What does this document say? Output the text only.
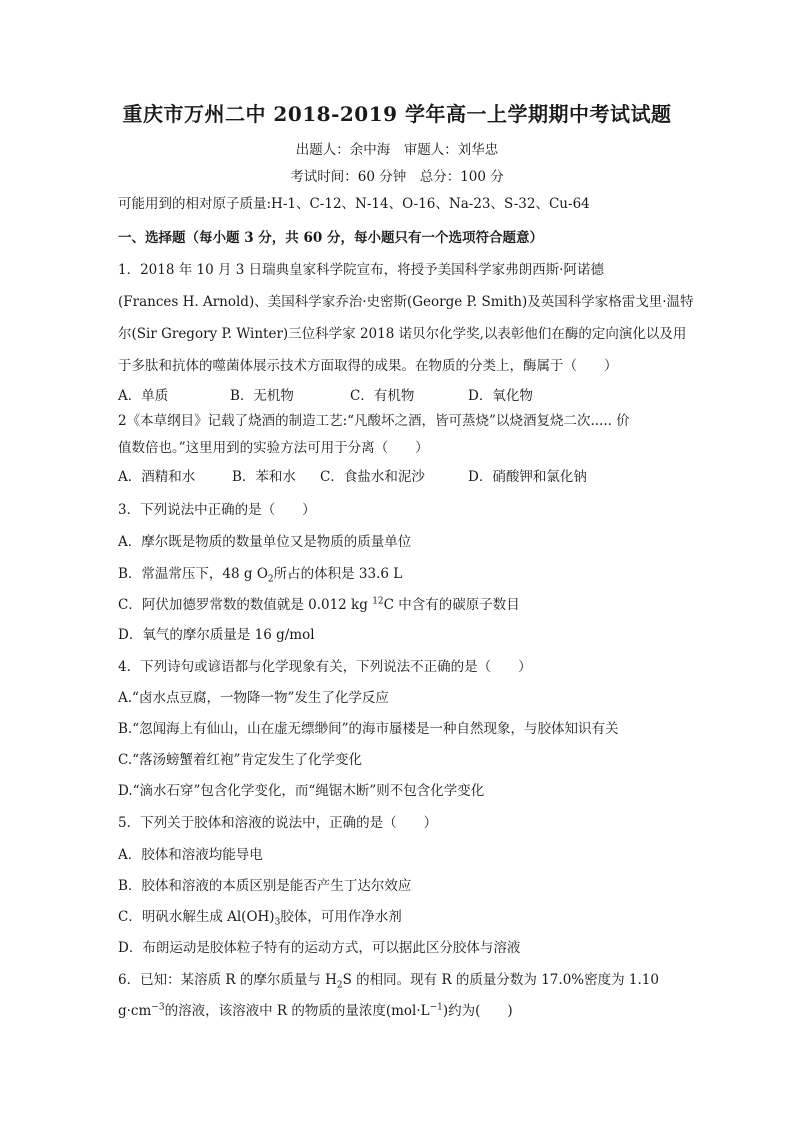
重庆市万州二中 2018-2019 学年高一上学期期中考试试题
出题人：余中海　审题人：刘华忠
考试时间：60 分钟　总分：100 分
可能用到的相对原子质量:H-1、C-12、N-14、O-16、Na-23、S-32、Cu-64
一、选择题（每小题 3 分，共 60 分，每小题只有一个选项符合题意）
1．2018 年 10 月 3 日瑞典皇家科学院宣布，将授予美国科学家弗朗西斯·阿诺德
(Frances H. Arnold)、美国科学家乔治·史密斯(George P. Smith)及英国科学家格雷戈里·温特
尔(Sir Gregory P. Winter)三位科学家 2018 诺贝尔化学奖,以表彰他们在酶的定向演化以及用
于多肽和抗体的噬菌体展示技术方面取得的成果。在物质的分类上，酶属于（　　）
A．单质	B．无机物	C．有机物	D．氧化物
2《本草纲目》记载了烧酒的制造工艺:“凡酸坏之酒，皆可蒸烧”以烧酒复烧二次..... 价
值数倍也。”这里用到的实验方法可用于分离（　　）
A．酒精和水	B．苯和水 C．食盐水和泥沙	D．硝酸钾和氯化钠
3．下列说法中正确的是（　　）
A．摩尔既是物质的数量单位又是物质的质量单位
B．常温常压下，48 g $O_2$所占的体积是 33.6 L
C．阿伏加德罗常数的数值就是 0.012 kg $^{12}$C 中含有的碳原子数目
D．氧气的摩尔质量是 16 g/mol
4．下列诗句或谚语都与化学现象有关，下列说法不正确的是（　　）
A.“卤水点豆腐，一物降一物”发生了化学反应
B.“忽闻海上有仙山，山在虚无缥缈间”的海市蜃楼是一种自然现象，与胶体知识有关
C.“落汤螃蟹着红袍”肯定发生了化学变化
D.“滴水石穿”包含化学变化，而“绳锯木断”则不包含化学变化
5．下列关于胶体和溶液的说法中，正确的是（　　）
A．胶体和溶液均能导电
B．胶体和溶液的本质区别是能否产生丁达尔效应
C．明矾水解生成 $Al(OH)_3$胶体，可用作净水剂
D．布朗运动是胶体粒子特有的运动方式，可以据此区分胶体与溶液
6．已知：某溶质 R 的摩尔质量与 $H_2S$ 的相同。现有 R 的质量分数为 17.0%密度为 1.10
$g\cdot cm^{-3}$的溶液，该溶液中 R 的物质的量浓度$(mol\cdot L^{-1})$约为(　　)
